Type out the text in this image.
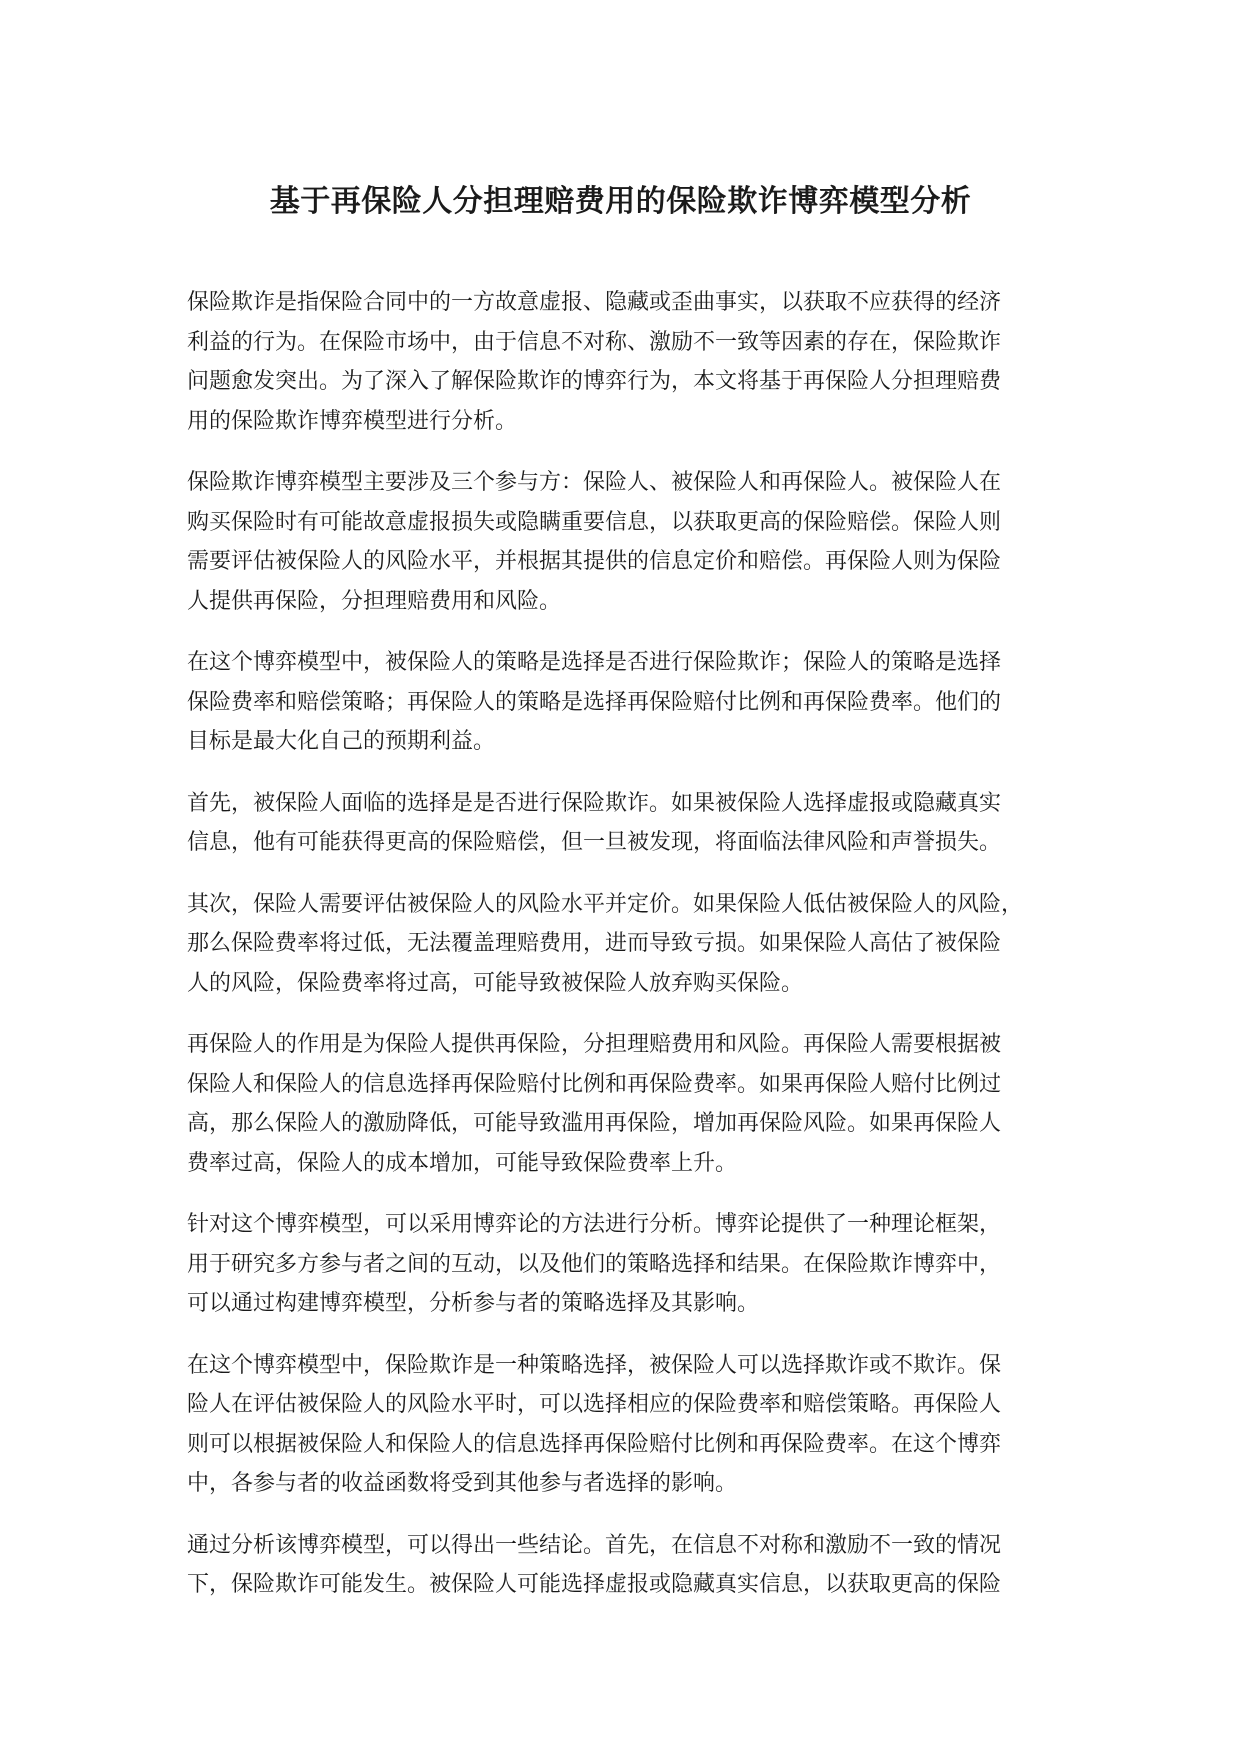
基于再保险人分担理赔费用的保险欺诈博弈模型分析

保险欺诈是指保险合同中的一方故意虚报、隐藏或歪曲事实，以获取不应获得的经济
利益的行为。在保险市场中，由于信息不对称、激励不一致等因素的存在，保险欺诈
问题愈发突出。为了深入了解保险欺诈的博弈行为，本文将基于再保险人分担理赔费
用的保险欺诈博弈模型进行分析。

保险欺诈博弈模型主要涉及三个参与方：保险人、被保险人和再保险人。被保险人在
购买保险时有可能故意虚报损失或隐瞒重要信息，以获取更高的保险赔偿。保险人则
需要评估被保险人的风险水平，并根据其提供的信息定价和赔偿。再保险人则为保险
人提供再保险，分担理赔费用和风险。

在这个博弈模型中，被保险人的策略是选择是否进行保险欺诈；保险人的策略是选择
保险费率和赔偿策略；再保险人的策略是选择再保险赔付比例和再保险费率。他们的
目标是最大化自己的预期利益。

首先，被保险人面临的选择是是否进行保险欺诈。如果被保险人选择虚报或隐藏真实
信息，他有可能获得更高的保险赔偿，但一旦被发现，将面临法律风险和声誉损失。

其次，保险人需要评估被保险人的风险水平并定价。如果保险人低估被保险人的风险，
那么保险费率将过低，无法覆盖理赔费用，进而导致亏损。如果保险人高估了被保险
人的风险，保险费率将过高，可能导致被保险人放弃购买保险。

再保险人的作用是为保险人提供再保险，分担理赔费用和风险。再保险人需要根据被
保险人和保险人的信息选择再保险赔付比例和再保险费率。如果再保险人赔付比例过
高，那么保险人的激励降低，可能导致滥用再保险，增加再保险风险。如果再保险人
费率过高，保险人的成本增加，可能导致保险费率上升。

针对这个博弈模型，可以采用博弈论的方法进行分析。博弈论提供了一种理论框架，
用于研究多方参与者之间的互动，以及他们的策略选择和结果。在保险欺诈博弈中，
可以通过构建博弈模型，分析参与者的策略选择及其影响。

在这个博弈模型中，保险欺诈是一种策略选择，被保险人可以选择欺诈或不欺诈。保
险人在评估被保险人的风险水平时，可以选择相应的保险费率和赔偿策略。再保险人
则可以根据被保险人和保险人的信息选择再保险赔付比例和再保险费率。在这个博弈
中，各参与者的收益函数将受到其他参与者选择的影响。

通过分析该博弈模型，可以得出一些结论。首先，在信息不对称和激励不一致的情况
下，保险欺诈可能发生。被保险人可能选择虚报或隐藏真实信息，以获取更高的保险
